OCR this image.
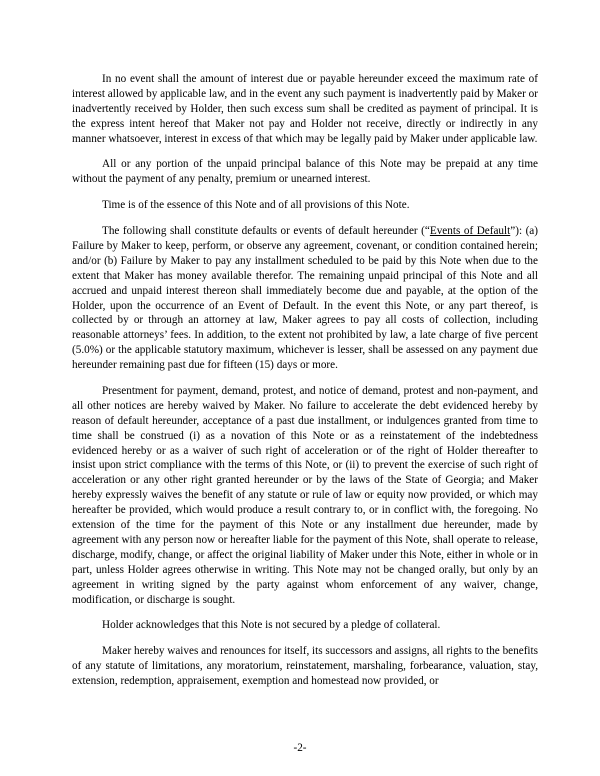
In no event shall the amount of interest due or payable hereunder exceed the maximum rate of interest allowed by applicable law, and in the event any such payment is inadvertently paid by Maker or inadvertently received by Holder, then such excess sum shall be credited as payment of principal. It is the express intent hereof that Maker not pay and Holder not receive, directly or indirectly in any manner whatsoever, interest in excess of that which may be legally paid by Maker under applicable law.

All or any portion of the unpaid principal balance of this Note may be prepaid at any time without the payment of any penalty, premium or unearned interest.

Time is of the essence of this Note and of all provisions of this Note.

The following shall constitute defaults or events of default hereunder (“Events of Default”): (a) Failure by Maker to keep, perform, or observe any agreement, covenant, or condition contained herein; and/or (b) Failure by Maker to pay any installment scheduled to be paid by this Note when due to the extent that Maker has money available therefor. The remaining unpaid principal of this Note and all accrued and unpaid interest thereon shall immediately become due and payable, at the option of the Holder, upon the occurrence of an Event of Default. In the event this Note, or any part thereof, is collected by or through an attorney at law, Maker agrees to pay all costs of collection, including reasonable attorneys’ fees. In addition, to the extent not prohibited by law, a late charge of five percent (5.0%) or the applicable statutory maximum, whichever is lesser, shall be assessed on any payment due hereunder remaining past due for fifteen (15) days or more.

Presentment for payment, demand, protest, and notice of demand, protest and non-payment, and all other notices are hereby waived by Maker. No failure to accelerate the debt evidenced hereby by reason of default hereunder, acceptance of a past due installment, or indulgences granted from time to time shall be construed (i) as a novation of this Note or as a reinstatement of the indebtedness evidenced hereby or as a waiver of such right of acceleration or of the right of Holder thereafter to insist upon strict compliance with the terms of this Note, or (ii) to prevent the exercise of such right of acceleration or any other right granted hereunder or by the laws of the State of Georgia; and Maker hereby expressly waives the benefit of any statute or rule of law or equity now provided, or which may hereafter be provided, which would produce a result contrary to, or in conflict with, the foregoing. No extension of the time for the payment of this Note or any installment due hereunder, made by agreement with any person now or hereafter liable for the payment of this Note, shall operate to release, discharge, modify, change, or affect the original liability of Maker under this Note, either in whole or in part, unless Holder agrees otherwise in writing. This Note may not be changed orally, but only by an agreement in writing signed by the party against whom enforcement of any waiver, change, modification, or discharge is sought.

Holder acknowledges that this Note is not secured by a pledge of collateral.

Maker hereby waives and renounces for itself, its successors and assigns, all rights to the benefits of any statute of limitations, any moratorium, reinstatement, marshaling, forbearance, valuation, stay, extension, redemption, appraisement, exemption and homestead now provided, or

-2-
